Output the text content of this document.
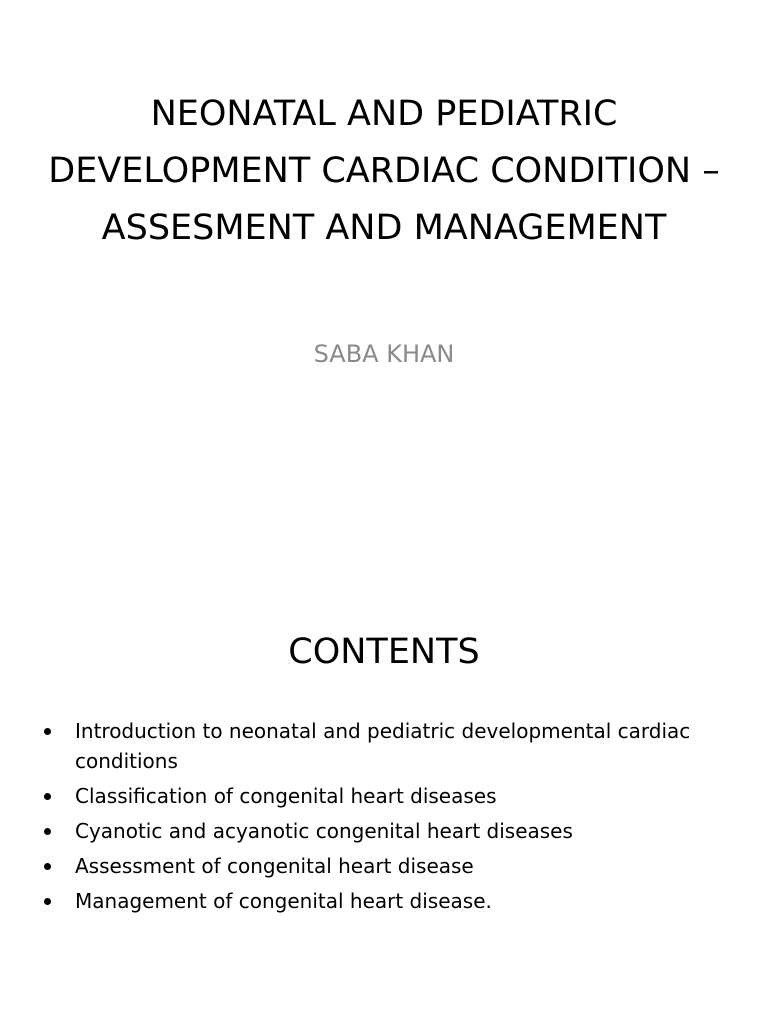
NEONATAL AND PEDIATRIC DEVELOPMENT CARDIAC CONDITION –ASSESMENT AND MANAGEMENT
SABA KHAN
CONTENTS
Introduction to neonatal and pediatric developmental cardiac conditions
Classification of congenital heart diseases
Cyanotic and acyanotic congenital heart diseases
Assessment of congenital heart disease
Management of congenital heart disease.
